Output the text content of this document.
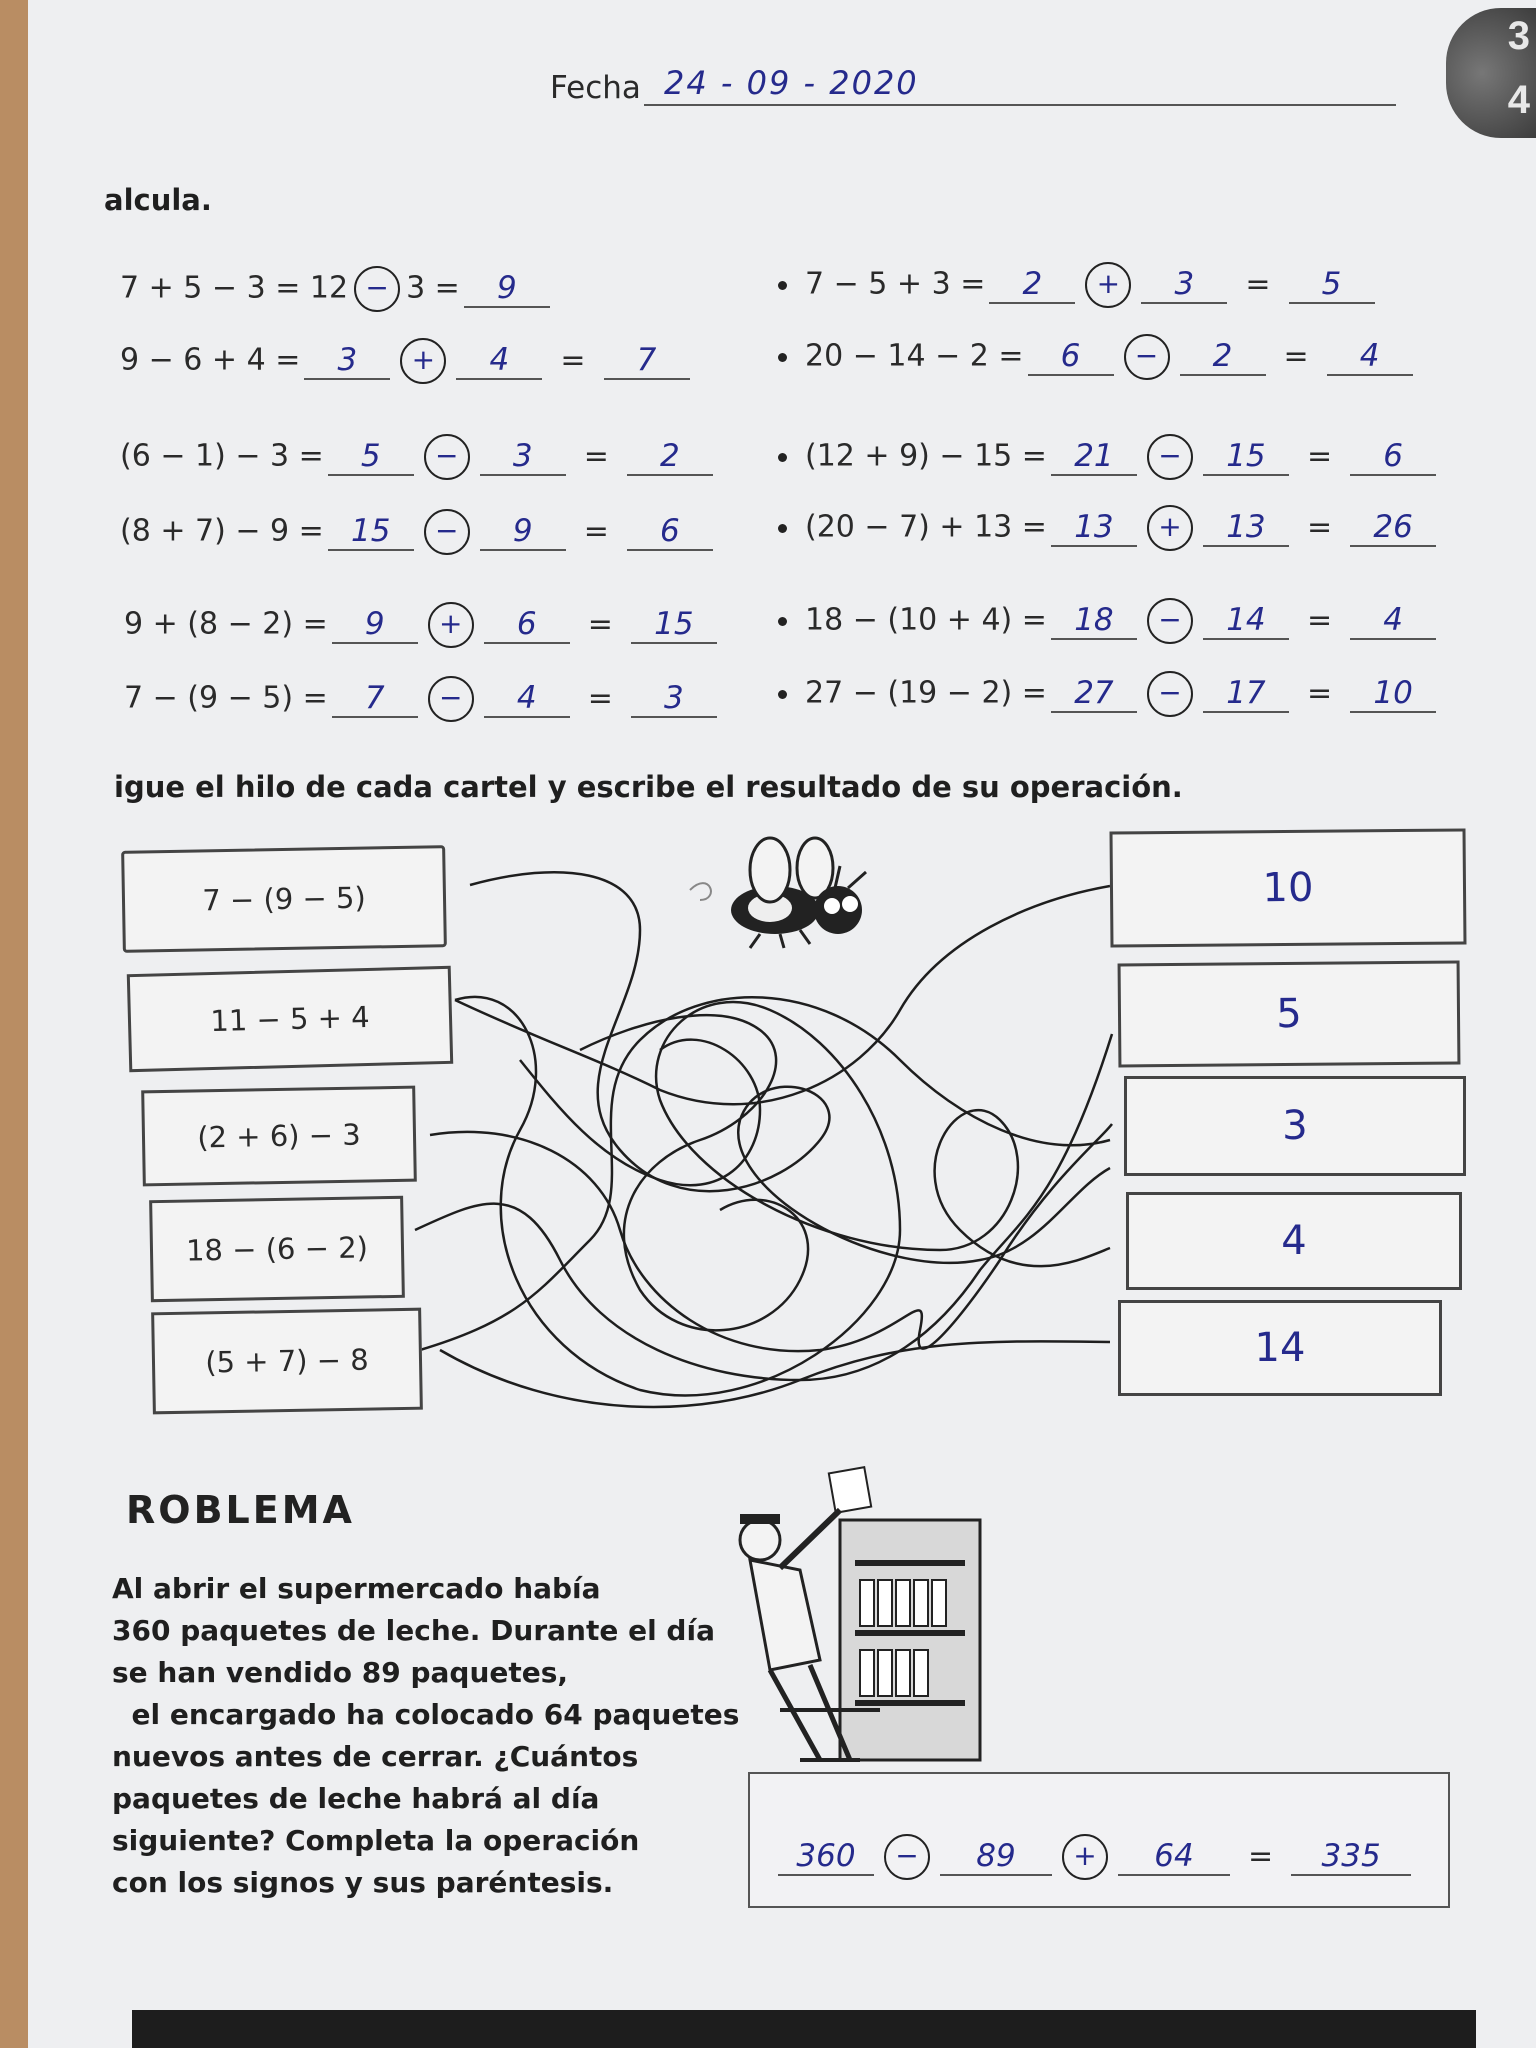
3
4
Fecha 24 - 09 - 2020
alcula.
7 + 5 − 3 = 12 − 3 = 9
9 − 6 + 4 = 3 + 4 = 7
(6 − 1) − 3 = 5 − 3 = 2
(8 + 7) − 9 = 15 − 9 = 6
9 + (8 − 2) = 9 + 6 = 15
7 − (9 − 5) = 7 − 4 = 3
7 − 5 + 3 = 2 + 3 = 5
20 − 14 − 2 = 6 − 2 = 4
(12 + 9) − 15 = 21 − 15 = 6
(20 − 7) + 13 = 13 + 13 = 26
18 − (10 + 4) = 18 − 14 = 4
27 − (19 − 2) = 27 − 17 = 10
igue el hilo de cada cartel y escribe el resultado de su operación.
7 − (9 − 5)
11 − 5 + 4
(2 + 6) − 3
18 − (6 − 2)
(5 + 7) − 8
10
5
3
4
14
ROBLEMA
Al abrir el supermercado había
360 paquetes de leche. Durante el día
se han vendido 89 paquetes,
el encargado ha colocado 64 paquetes
nuevos antes de cerrar. ¿Cuántos
paquetes de leche habrá al día
siguiente? Completa la operación
con los signos y sus paréntesis.
360 − 89 + 64 = 335
